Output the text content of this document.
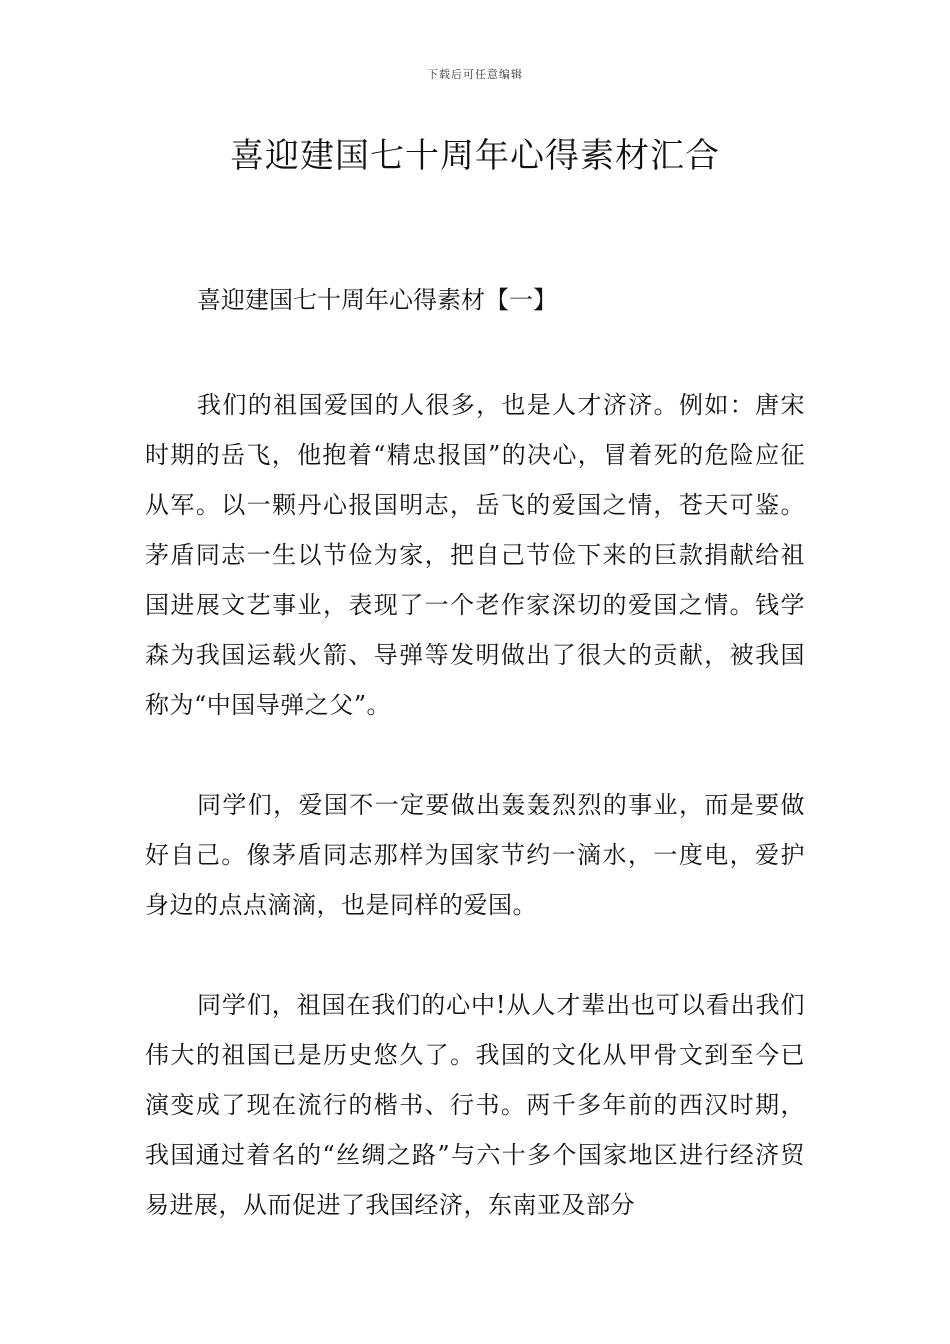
下载后可任意编辑
喜迎建国七十周年心得素材汇合

喜迎建国七十周年心得素材【一】

我们的祖国爱国的人很多，也是人才济济。例如：唐宋时期的岳飞，他抱着“精忠报国”的决心，冒着死的危险应征从军。以一颗丹心报国明志，岳飞的爱国之情，苍天可鉴。茅盾同志一生以节俭为家，把自己节俭下来的巨款捐献给祖国进展文艺事业，表现了一个老作家深切的爱国之情。钱学森为我国运载火箭、导弹等发明做出了很大的贡献，被我国称为“中国导弹之父”。

同学们，爱国不一定要做出轰轰烈烈的事业，而是要做好自己。像茅盾同志那样为国家节约一滴水，一度电，爱护身边的点点滴滴，也是同样的爱国。

同学们，祖国在我们的心中!从人才辈出也可以看出我们伟大的祖国已是历史悠久了。我国的文化从甲骨文到至今已演变成了现在流行的楷书、行书。两千多年前的西汉时期，我国通过着名的“丝绸之路”与六十多个国家地区进行经济贸易进展，从而促进了我国经济，东南亚及部分
